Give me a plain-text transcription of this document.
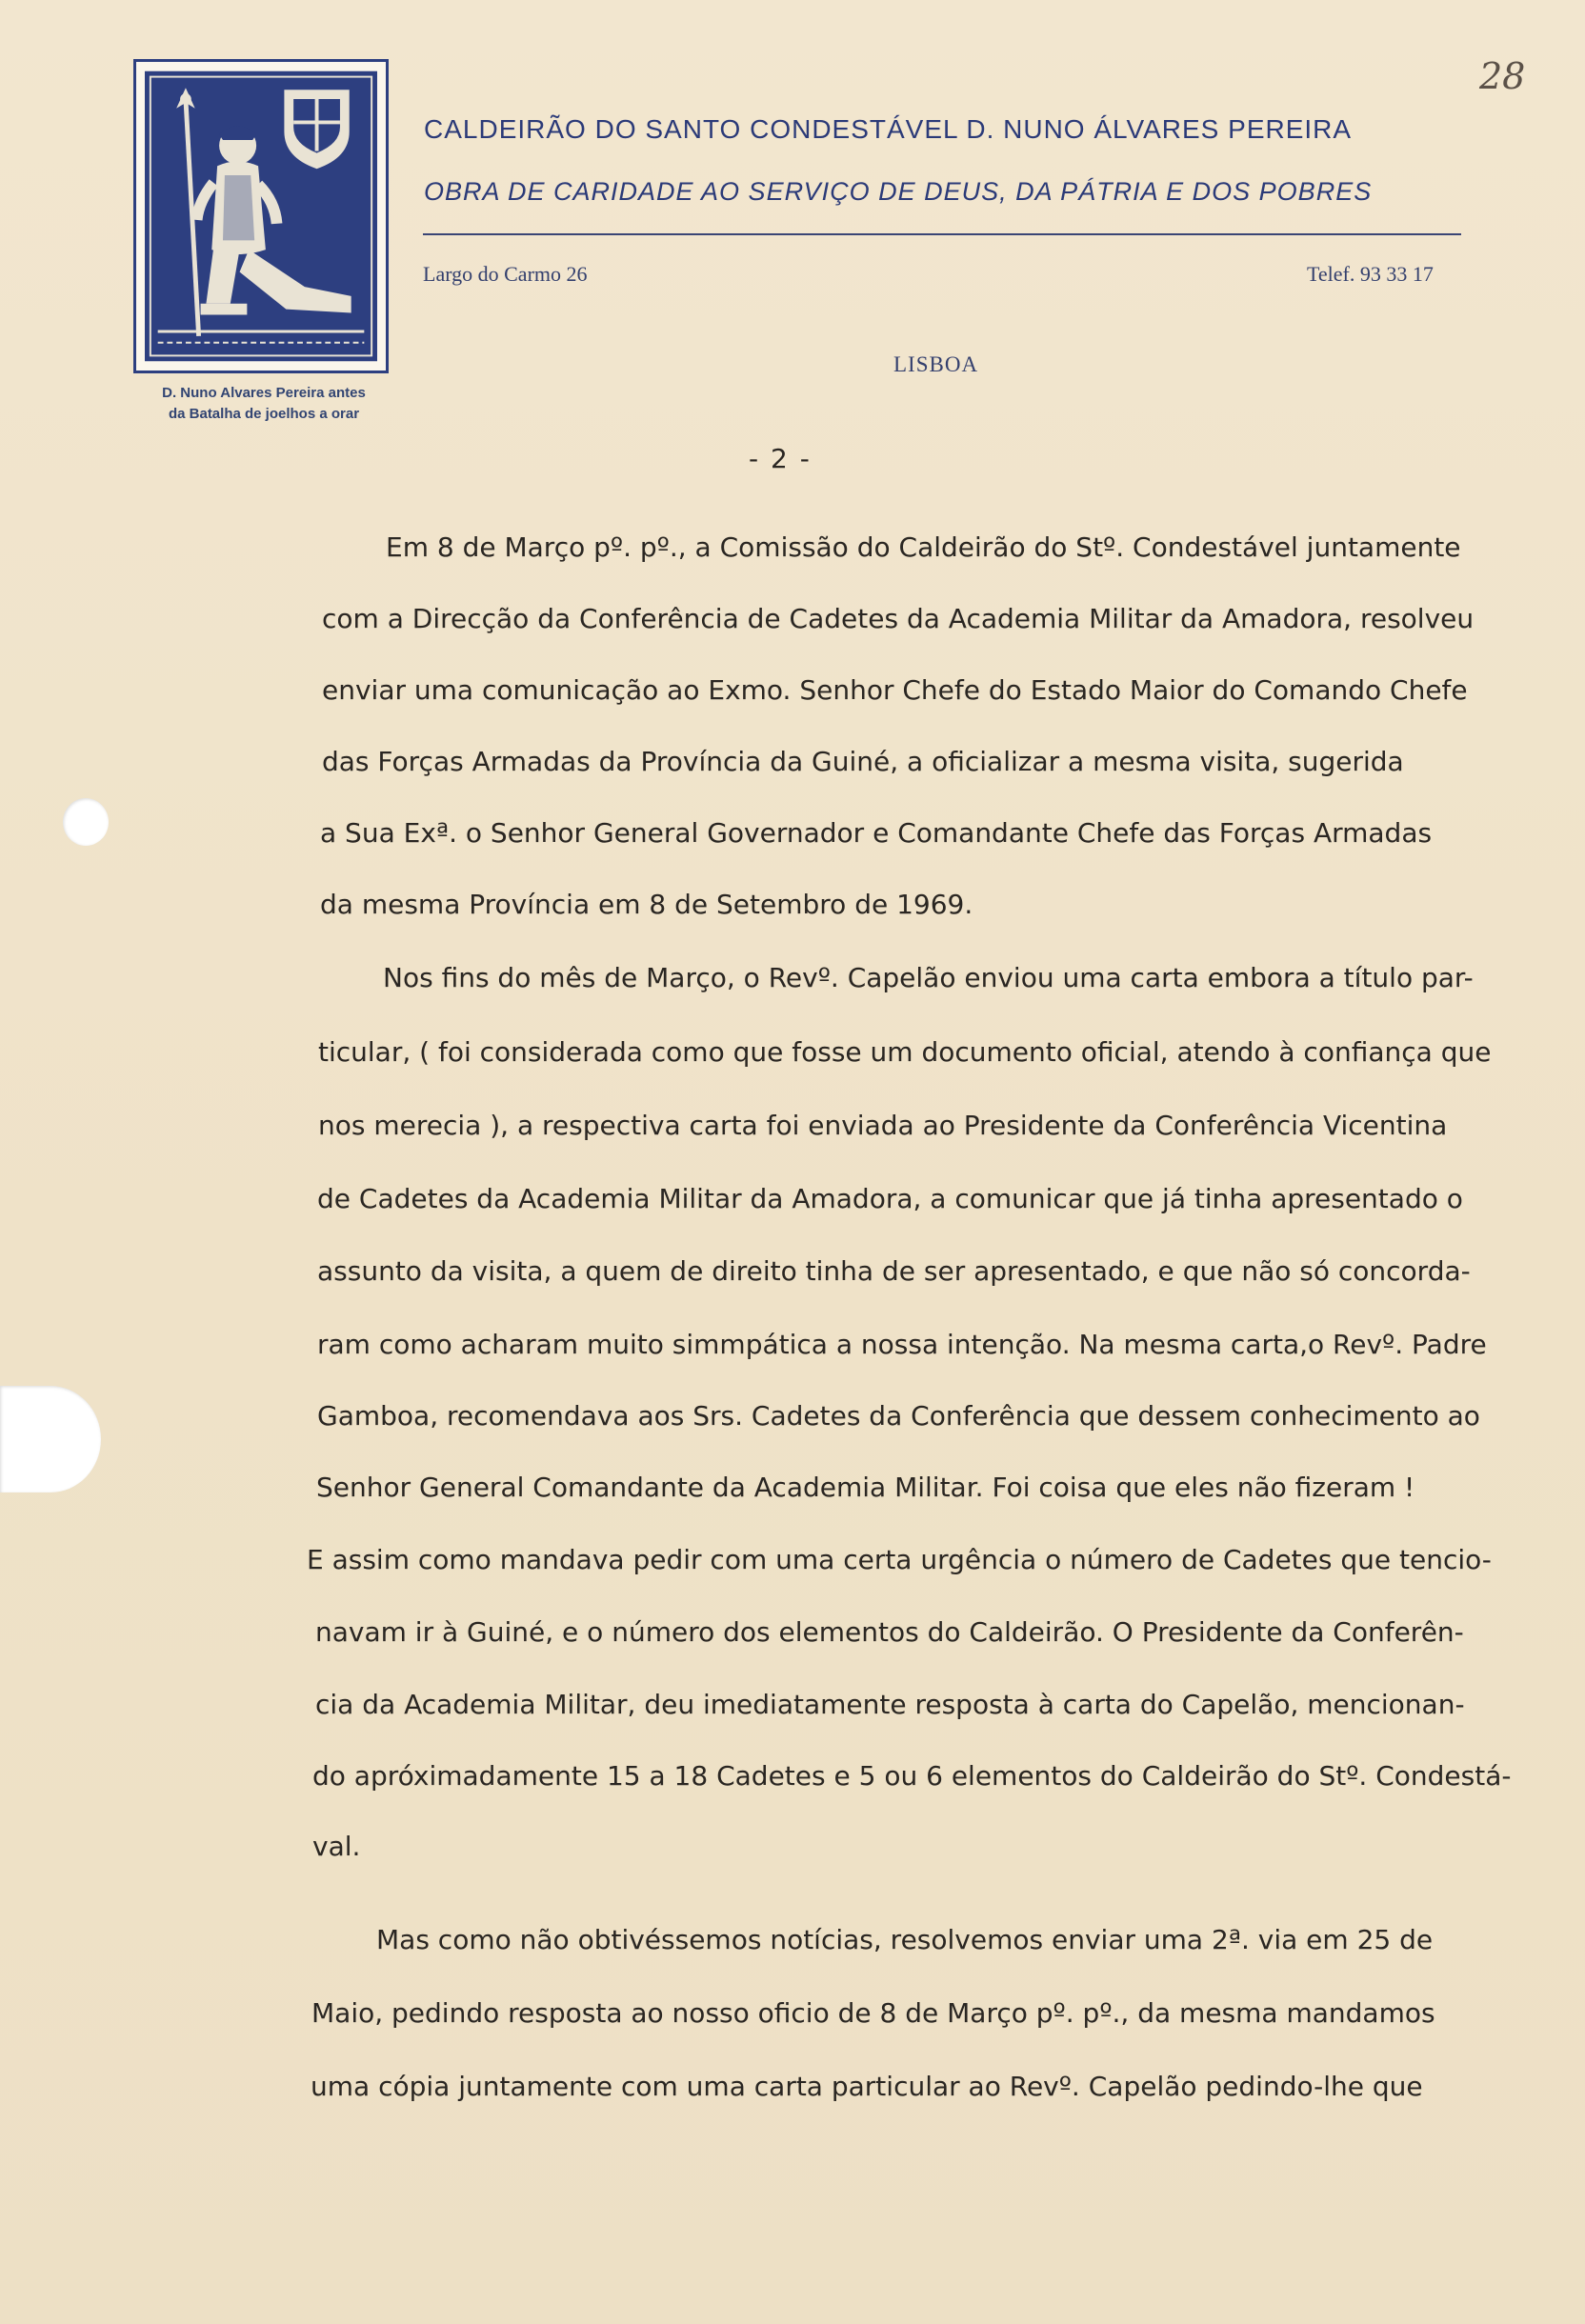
28
D. Nuno Alvares Pereira antes
da Batalha de joelhos a orar
CALDEIRÃO DO SANTO CONDESTÁVEL D. NUNO ÁLVARES PEREIRA
OBRA DE CARIDADE AO SERVIÇO DE DEUS, DA PÁTRIA E DOS POBRES
Largo do Carmo 26	Telef. 93 33 17
LISBOA
- 2 -
Em 8 de Março pº. pº., a Comissão do Caldeirão do Stº. Condestável juntamente
com a Direcção da Conferência de Cadetes da Academia Militar da Amadora, resolveu
enviar uma comunicação ao Exmo. Senhor Chefe do Estado Maior do Comando Chefe
das Forças Armadas da Província da Guiné, a oficializar a mesma visita, sugerida
a Sua Exª. o Senhor General Governador e Comandante Chefe das Forças Armadas
da mesma Província em 8 de Setembro de 1969.
Nos fins do mês de Março, o Revº. Capelão enviou uma carta embora a título par-
ticular, ( foi considerada como que fosse um documento oficial, atendo à confiança que
nos merecia ), a respectiva carta foi enviada ao Presidente da Conferência Vicentina
de Cadetes da Academia Militar da Amadora, a comunicar que já tinha apresentado o
assunto da visita, a quem de direito tinha de ser apresentado, e que não só concorda-
ram como acharam muito simmpática a nossa intenção. Na mesma carta,o Revº. Padre
Gamboa, recomendava aos Srs. Cadetes da Conferência que dessem conhecimento ao
Senhor General Comandante da Academia Militar. Foi coisa que eles não fizeram !
E assim como mandava pedir com uma certa urgência o número de Cadetes que tencio-
navam ir à Guiné, e o número dos elementos do Caldeirão. O Presidente da Conferên-
cia da Academia Militar, deu imediatamente resposta à carta do Capelão, mencionan-
do apróximadamente 15 a 18 Cadetes e 5 ou 6 elementos do Caldeirão do Stº. Condestá-
val.
Mas como não obtivéssemos notícias, resolvemos enviar uma 2ª. via em 25 de
Maio, pedindo resposta ao nosso oficio de 8 de Março pº. pº., da mesma mandamos
uma cópia juntamente com uma carta particular ao Revº. Capelão pedindo-lhe que
